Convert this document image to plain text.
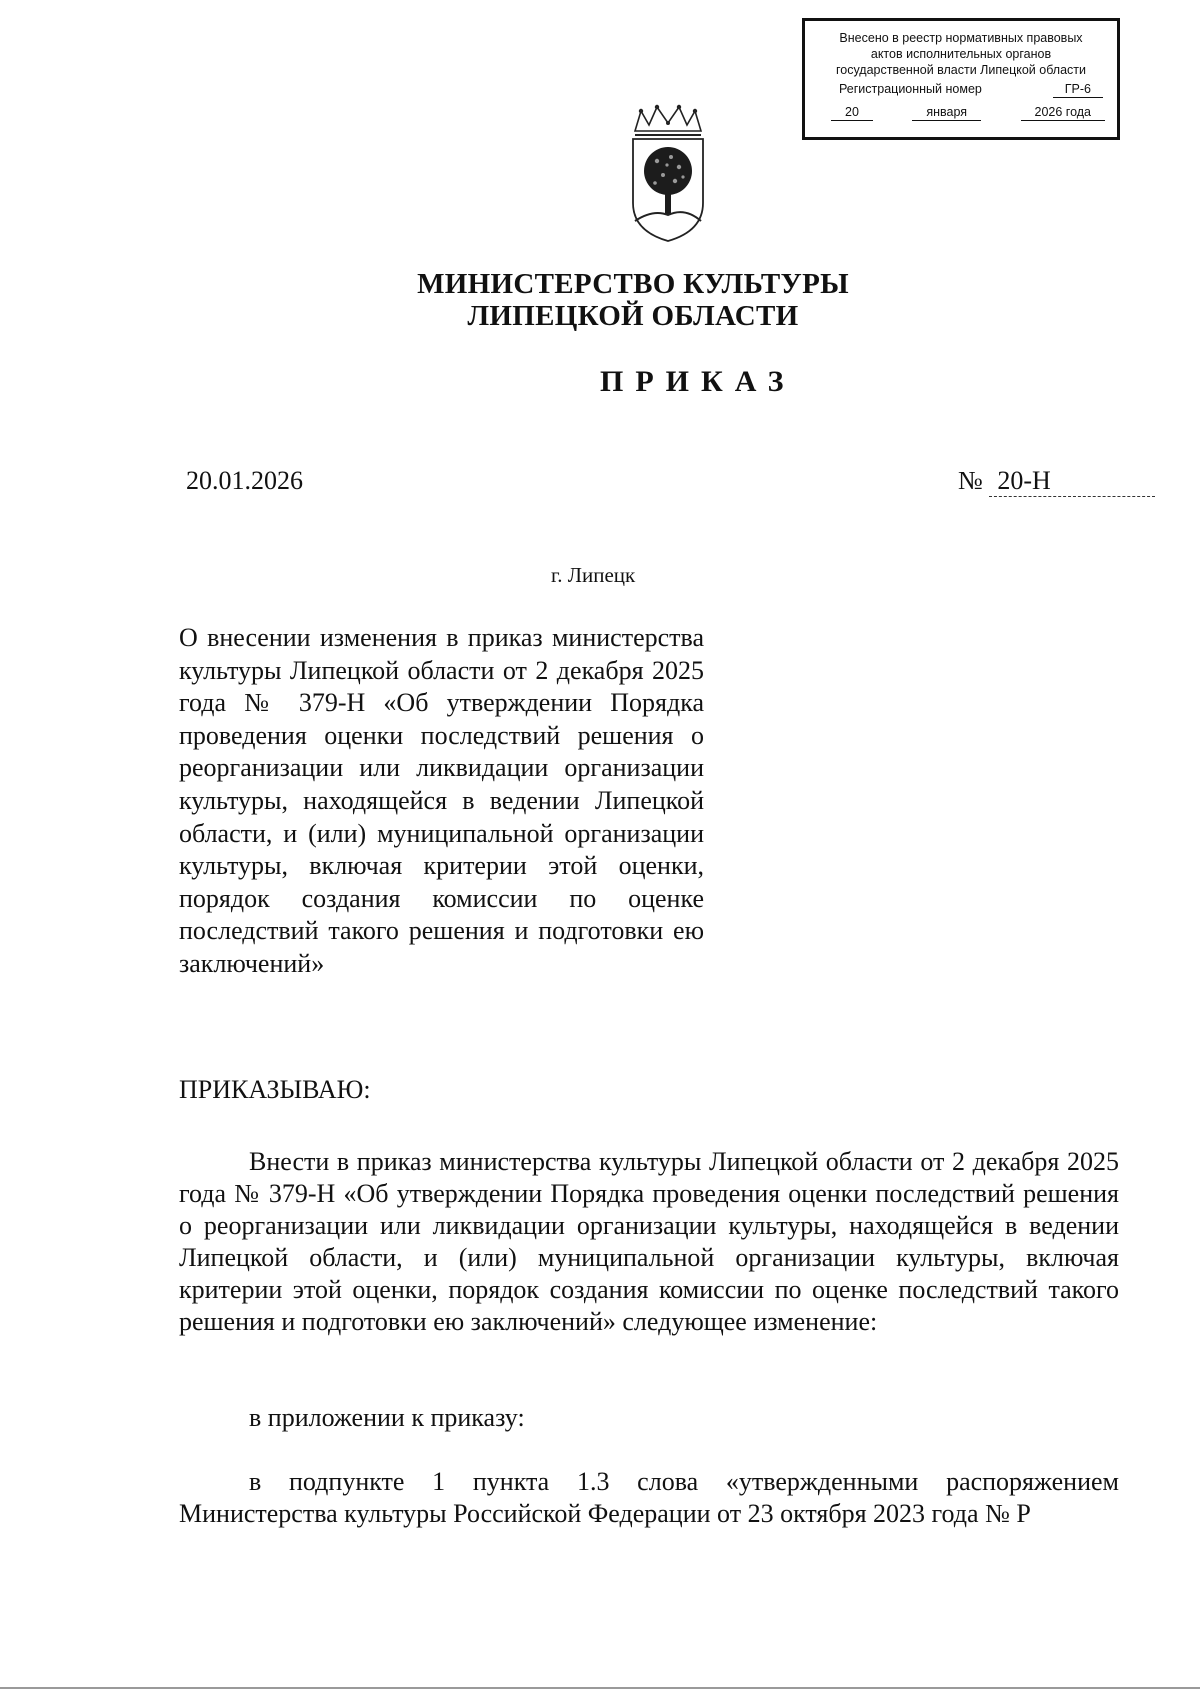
Внесено в реестр нормативных правовых
актов исполнительных органов
государственной власти Липецкой области
Регистрационный номер	ГР-6
20	января	2026 года
МИНИСТЕРСТВО КУЛЬТУРЫ
ЛИПЕЦКОЙ ОБЛАСТИ
ПРИКАЗ
20.01.2026	№ 20-Н
г. Липецк
О внесении изменения в приказ министерства культуры Липецкой области от 2 декабря 2025 года № 379-Н «Об утверждении Порядка проведения оценки последствий решения о реорганизации или ликвидации организации культуры, находящейся в ведении Липецкой области, и (или) муниципальной организации культуры, включая критерии этой оценки, порядок создания комиссии по оценке последствий такого решения и подготовки ею заключений»
ПРИКАЗЫВАЮ:
Внести в приказ министерства культуры Липецкой области от 2 декабря 2025 года № 379-Н «Об утверждении Порядка проведения оценки последствий решения о реорганизации или ликвидации организации культуры, находящейся в ведении Липецкой области, и (или) муниципальной организации культуры, включая критерии этой оценки, порядок создания комиссии по оценке последствий такого решения и подготовки ею заключений» следующее изменение:
в приложении к приказу:
в подпункте 1 пункта 1.3 слова «утвержденными распоряжением Министерства культуры Российской Федерации от 23 октября 2023 года № Р
